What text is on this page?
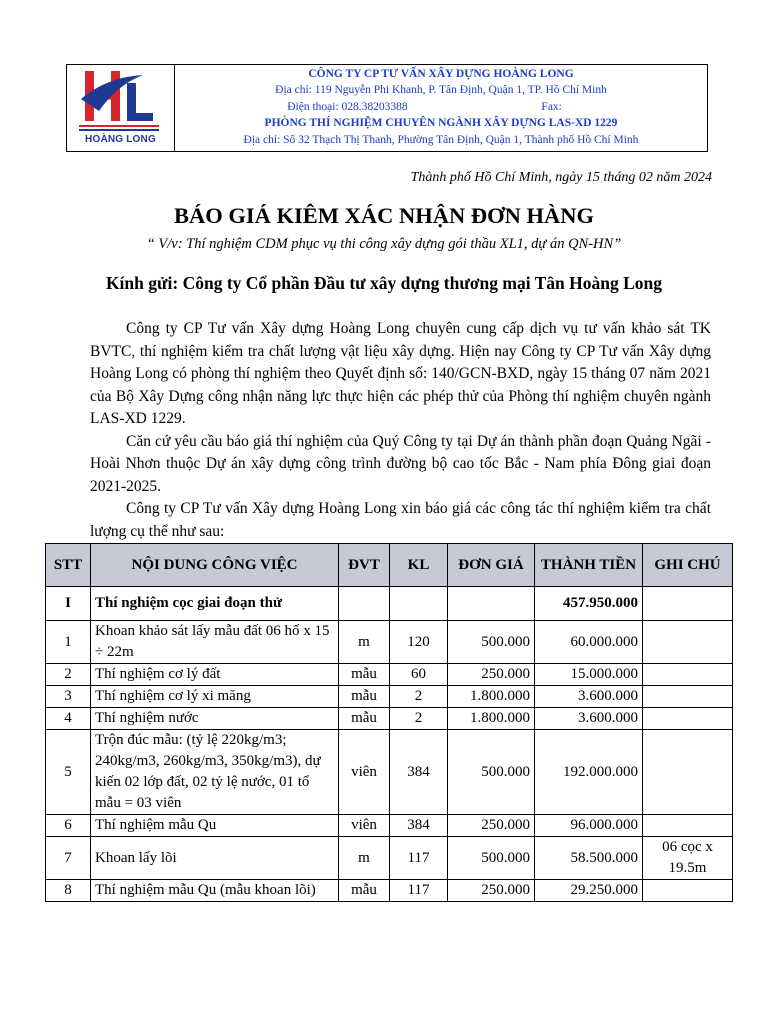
HOÀNG LONG
CÔNG TY CP TƯ VẤN XÂY DỰNG HOÀNG LONG
Địa chỉ: 119 Nguyễn Phi Khanh, P. Tân Định, Quận 1, TP. Hồ Chí Minh
Điện thoại: 028.38203388	Fax:
PHÒNG THÍ NGHIỆM CHUYÊN NGÀNH XÂY DỰNG LAS-XD 1229
Địa chỉ: Số 32 Thạch Thị Thanh, Phường Tân Định, Quận 1, Thành phố Hồ Chí Minh
Thành phố Hồ Chí Minh, ngày 15 tháng 02 năm 2024
BÁO GIÁ KIÊM XÁC NHẬN ĐƠN HÀNG
“ V/v: Thí nghiệm CDM phục vụ thi công xây dựng gói thầu XL1, dự án QN-HN”
Kính gửi: Công ty Cổ phần Đầu tư xây dựng thương mại Tân Hoàng Long

Công ty CP Tư vấn Xây dựng Hoàng Long chuyên cung cấp dịch vụ tư vấn khảo sát TK BVTC, thí nghiệm kiểm tra chất lượng vật liệu xây dựng. Hiện nay Công ty CP Tư vấn Xây dựng Hoàng Long có phòng thí nghiệm theo Quyết định số: 140/GCN-BXD, ngày 15 tháng 07 năm 2021 của Bộ Xây Dựng công nhận năng lực thực hiện các phép thử của Phòng thí nghiệm chuyên ngành LAS-XD 1229.

Căn cứ yêu cầu báo giá thí nghiệm của Quý Công ty tại Dự án thành phần đoạn Quảng Ngãi - Hoài Nhơn thuộc Dự án xây dựng công trình đường bộ cao tốc Bắc - Nam phía Đông giai đoạn 2021-2025.

Công ty CP Tư vấn Xây dựng Hoàng Long xin báo giá các công tác thí nghiệm kiểm tra chất lượng cụ thể như sau:

STT	NỘI DUNG CÔNG VIỆC	ĐVT	KL	ĐƠN GIÁ	THÀNH TIỀN	GHI CHÚ
I	Thí nghiệm cọc giai đoạn thử				457.950.000	
1	Khoan khảo sát lấy mẫu đất 06 hố x 15 ÷ 22m	m	120	500.000	60.000.000	
2	Thí nghiệm cơ lý đất	mẫu	60	250.000	15.000.000	
3	Thí nghiệm cơ lý xi măng	mẫu	2	1.800.000	3.600.000	
4	Thí nghiệm nước	mẫu	2	1.800.000	3.600.000	
5	Trộn đúc mẫu: (tỷ lệ 220kg/m3; 240kg/m3, 260kg/m3, 350kg/m3), dự kiến 02 lớp đất, 02 tỷ lệ nước, 01 tổ mẫu = 03 viên	viên	384	500.000	192.000.000	
6	Thí nghiệm mẫu Qu	viên	384	250.000	96.000.000	
7	Khoan lấy lõi	m	117	500.000	58.500.000	06 cọc x 19.5m
8	Thí nghiệm mẫu Qu (mẫu khoan lõi)	mẫu	117	250.000	29.250.000	
